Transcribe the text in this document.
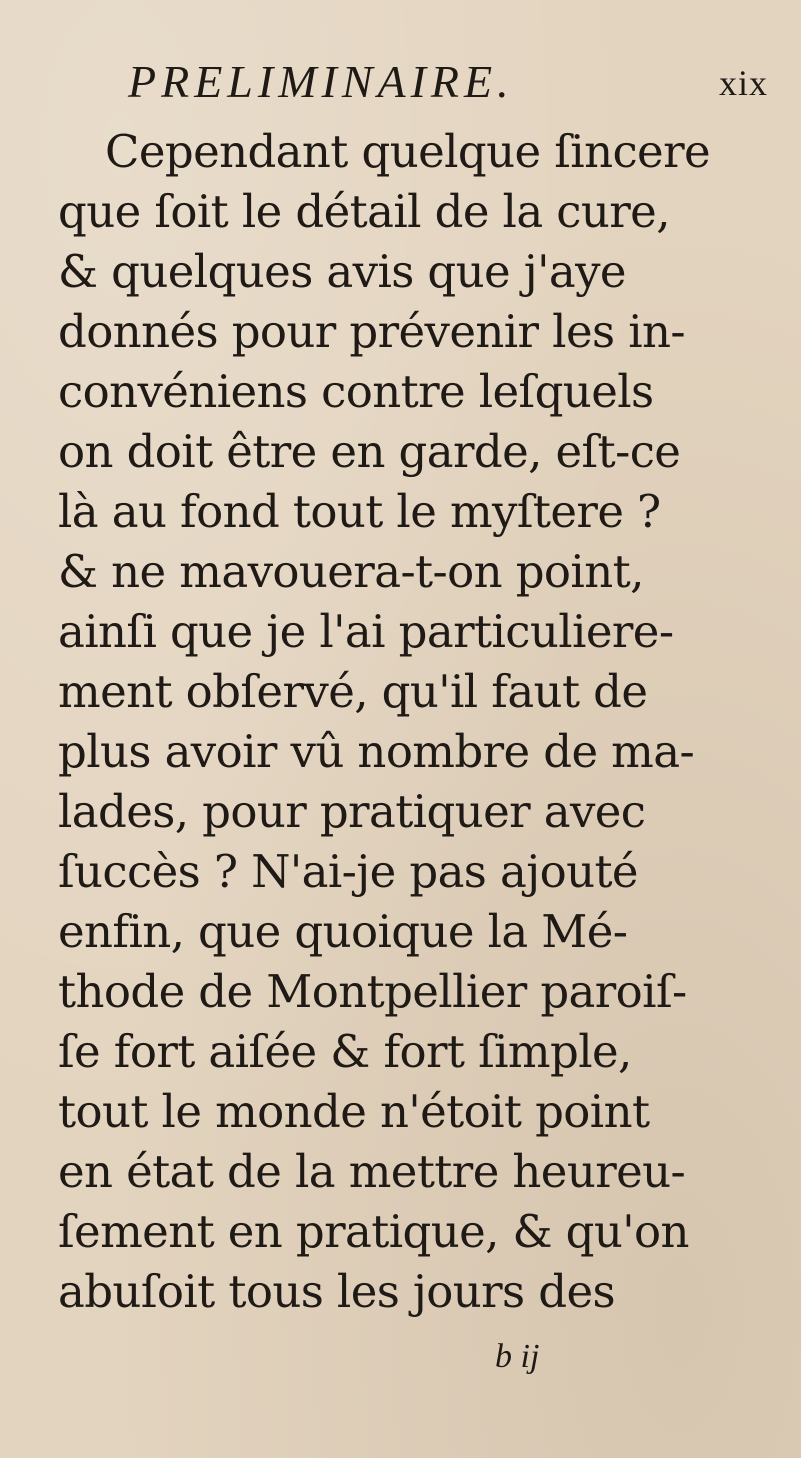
PRELIMINAIRE.	xix
Cependant quelque ſincere
que ſoit le détail de la cure,
& quelques avis que j'aye
donnés pour prévenir les in-
convéniens contre leſquels
on doit être en garde, eſt-ce
là au fond tout le myſtere ?
& ne mavouera-t-on point,
ainſi que je l'ai particuliere-
ment obſervé, qu'il faut de
plus avoir vû nombre de ma-
lades, pour pratiquer avec
ſuccès ? N'ai-je pas ajouté
enfin, que quoique la Mé-
thode de Montpellier paroiſ-
ſe fort aiſée & fort ſimple,
tout le monde n'étoit point
en état de la mettre heureu-
ſement en pratique, & qu'on
abuſoit tous les jours des
b ij
